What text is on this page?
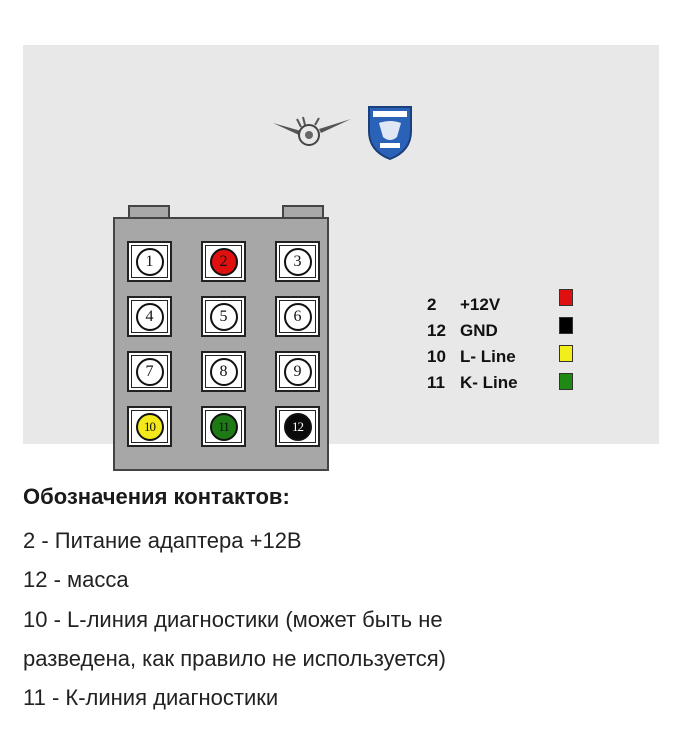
1	2	3
4	5	6
7	8	9
10	11	12
2	+12V
12 GND
10 L- Line
11 K- Line
Обозначения контактов:
2 - Питание адаптера +12В
12 - масса
10 - L-линия диагностики (может быть не
разведена, как правило не используется)
11 - К-линия диагностики
